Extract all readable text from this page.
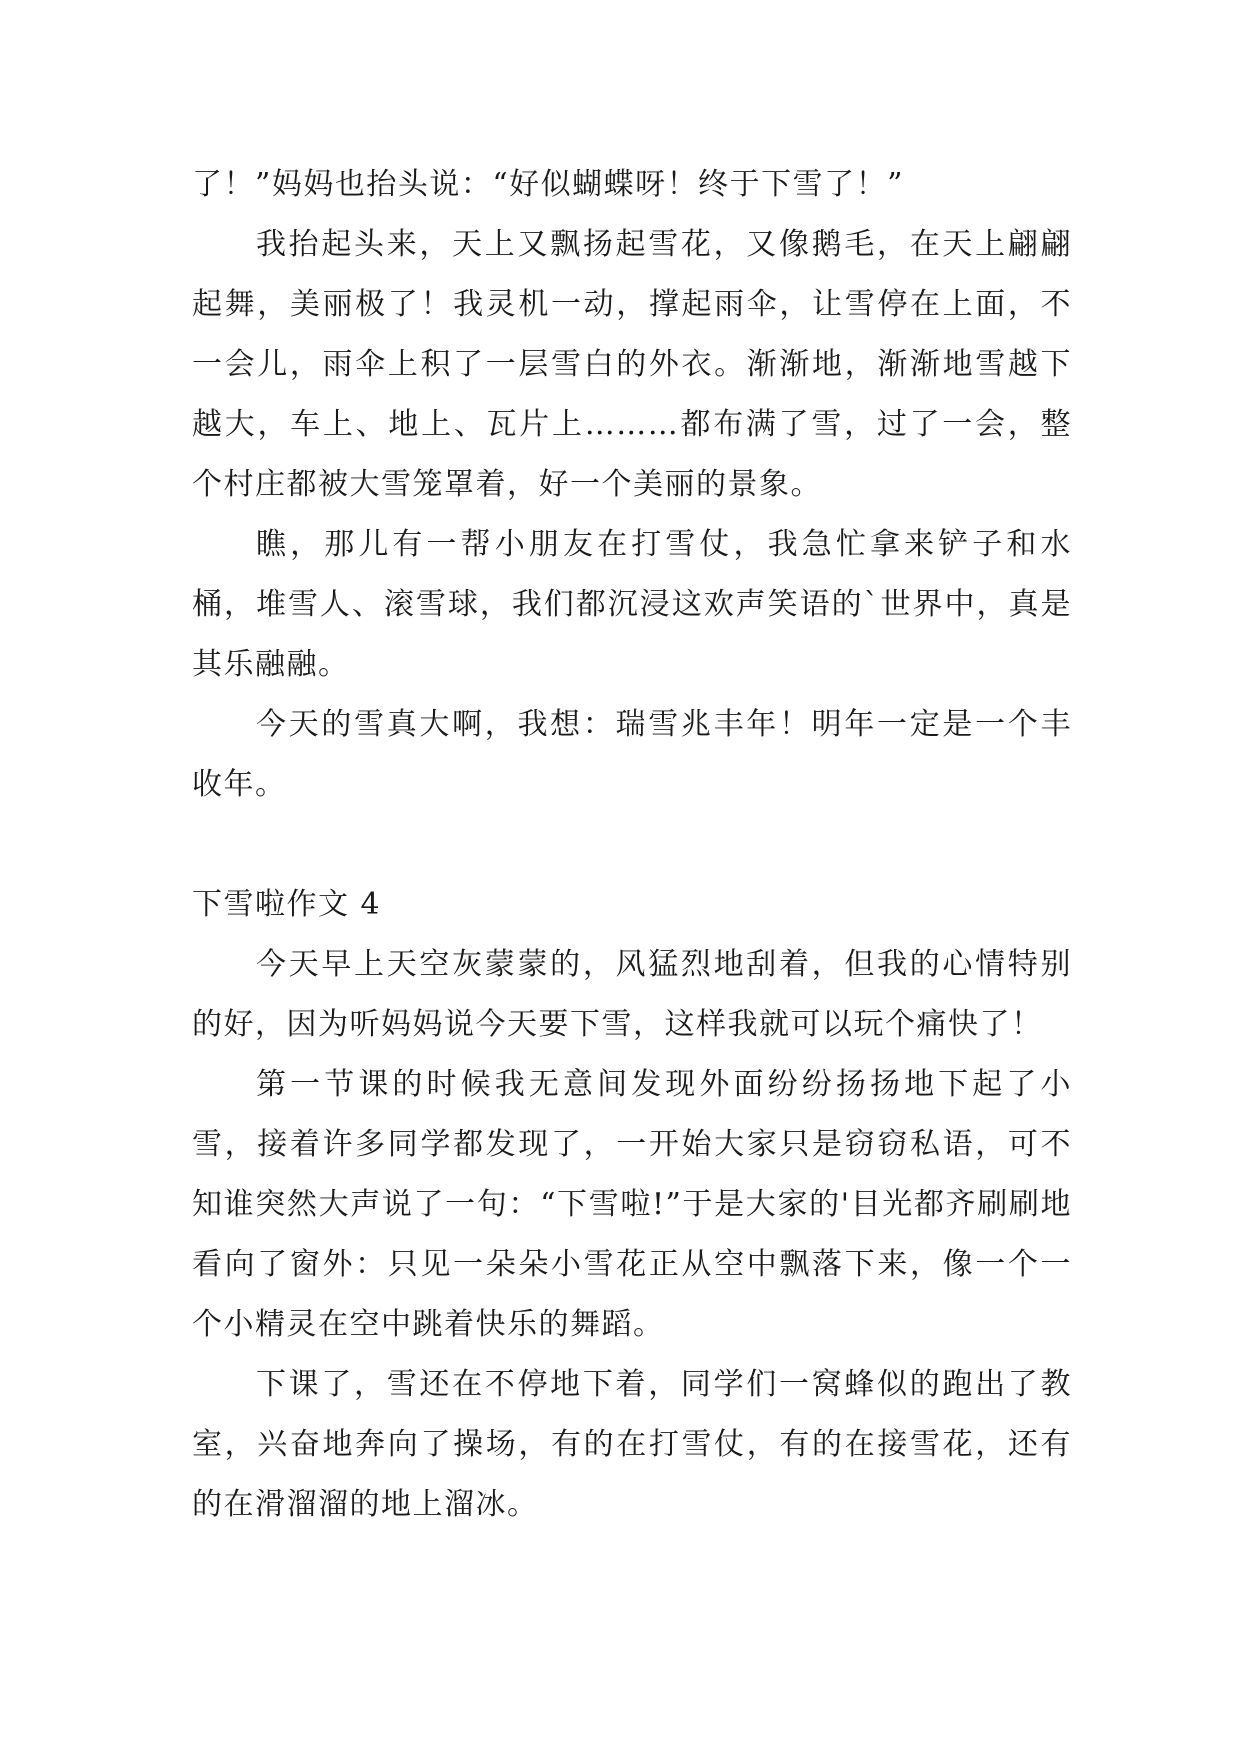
了！”妈妈也抬头说：“好似蝴蝶呀！终于下雪了！”

我抬起头来，天上又飘扬起雪花，又像鹅毛，在天上翩翩起舞，美丽极了！我灵机一动，撑起雨伞，让雪停在上面，不一会儿，雨伞上积了一层雪白的外衣。渐渐地，渐渐地雪越下越大，车上、地上、瓦片上………都布满了雪，过了一会，整个村庄都被大雪笼罩着，好一个美丽的景象。

瞧，那儿有一帮小朋友在打雪仗，我急忙拿来铲子和水桶，堆雪人、滚雪球，我们都沉浸这欢声笑语的`世界中，真是其乐融融。

今天的雪真大啊，我想：瑞雪兆丰年！明年一定是一个丰收年。

下雪啦作文 4

今天早上天空灰蒙蒙的，风猛烈地刮着，但我的心情特别的好，因为听妈妈说今天要下雪，这样我就可以玩个痛快了！

第一节课的时候我无意间发现外面纷纷扬扬地下起了小雪，接着许多同学都发现了，一开始大家只是窃窃私语，可不知谁突然大声说了一句：“下雪啦!”于是大家的'目光都齐刷刷地看向了窗外：只见一朵朵小雪花正从空中飘落下来，像一个一个小精灵在空中跳着快乐的舞蹈。

下课了，雪还在不停地下着，同学们一窝蜂似的跑出了教室，兴奋地奔向了操场，有的在打雪仗，有的在接雪花，还有的在滑溜溜的地上溜冰。
